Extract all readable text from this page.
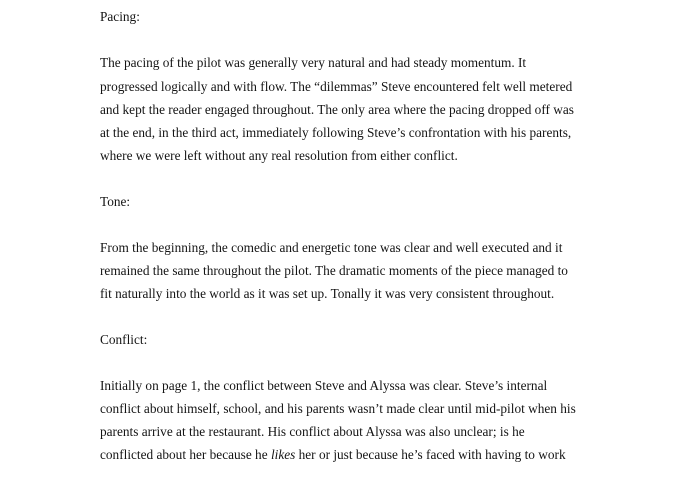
Pacing:
The pacing of the pilot was generally very natural and had steady momentum. It
progressed logically and with flow. The “dilemmas” Steve encountered felt well metered
and kept the reader engaged throughout. The only area where the pacing dropped off was
at the end, in the third act, immediately following Steve’s confrontation with his parents,
where we were left without any real resolution from either conflict.
Tone:
From the beginning, the comedic and energetic tone was clear and well executed and it
remained the same throughout the pilot. The dramatic moments of the piece managed to
fit naturally into the world as it was set up. Tonally it was very consistent throughout.
Conflict:
Initially on page 1, the conflict between Steve and Alyssa was clear. Steve’s internal
conflict about himself, school, and his parents wasn’t made clear until mid-pilot when his
parents arrive at the restaurant. His conflict about Alyssa was also unclear; is he
conflicted about her because he likes her or just because he’s faced with having to work
